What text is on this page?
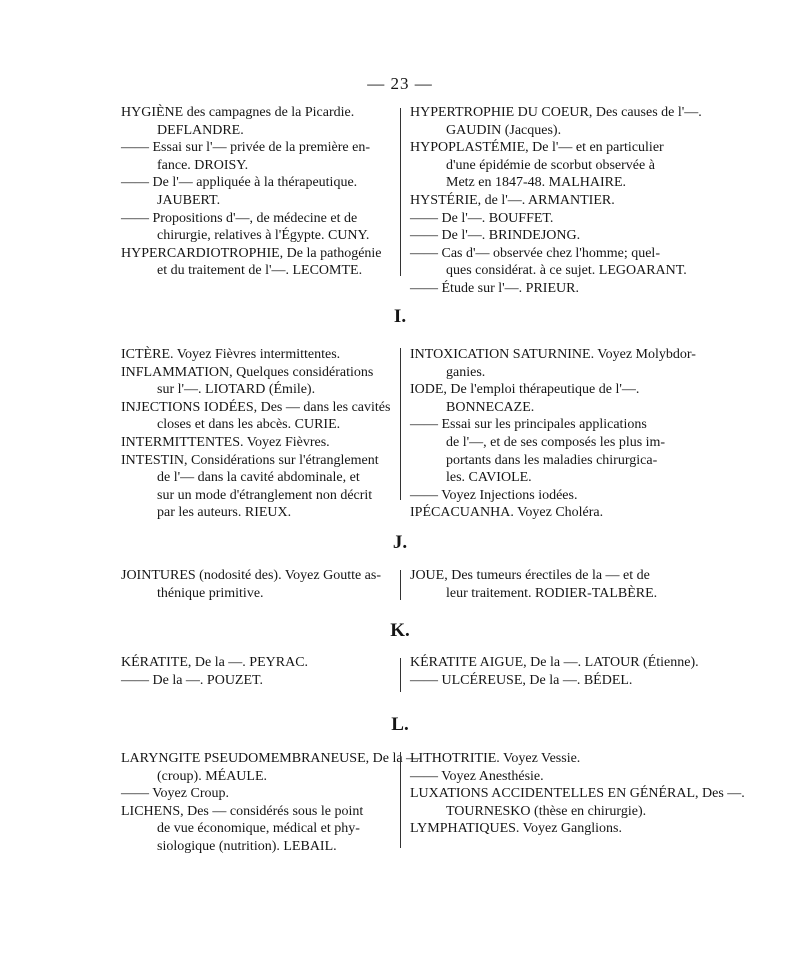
— 23 —
HYGIÈNE des campagnes de la Picardie.
DEFLANDRE.
—— Essai sur l'— privée de la première en-
fance. DROISY.
—— De l'— appliquée à la thérapeutique.
JAUBERT.
—— Propositions d'—, de médecine et de
chirurgie, relatives à l'Égypte. CUNY.
HYPERCARDIOTROPHIE, De la pathogénie
et du traitement de l'—. LECOMTE.
HYPERTROPHIE DU COEUR, Des causes de l'—.
GAUDIN (Jacques).
HYPOPLASTÉMIE, De l'— et en particulier
d'une épidémie de scorbut observée à
Metz en 1847-48. MALHAIRE.
HYSTÉRIE, de l'—. ARMANTIER.
—— De l'—. BOUFFET.
—— De l'—. BRINDEJONG.
—— Cas d'— observée chez l'homme; quel-
ques considérat. à ce sujet. LEGOARANT.
—— Étude sur l'—. PRIEUR.
I.
ICTÈRE. Voyez Fièvres intermittentes.
INFLAMMATION, Quelques considérations
sur l'—. LIOTARD (Émile).
INJECTIONS IODÉES, Des — dans les cavités
closes et dans les abcès. CURIE.
INTERMITTENTES. Voyez Fièvres.
INTESTIN, Considérations sur l'étranglement
de l'— dans la cavité abdominale, et
sur un mode d'étranglement non décrit
par les auteurs. RIEUX.
INTOXICATION SATURNINE. Voyez Molybdor-
ganies.
IODE, De l'emploi thérapeutique de l'—.
BONNECAZE.
—— Essai sur les principales applications
de l'—, et de ses composés les plus im-
portants dans les maladies chirurgica-
les. CAVIOLE.
—— Voyez Injections iodées.
IPÉCACUANHA. Voyez Choléra.
J.
JOINTURES (nodosité des). Voyez Goutte as-
thénique primitive.
JOUE, Des tumeurs érectiles de la — et de
leur traitement. RODIER-TALBÈRE.
K.
KÉRATITE, De la —. PEYRAC.
—— De la —. POUZET.
KÉRATITE AIGUE, De la —. LATOUR (Étienne).
—— ULCÉREUSE, De la —. BÉDEL.
L.
LARYNGITE PSEUDOMEMBRANEUSE, De la —
(croup). MÉAULE.
—— Voyez Croup.
LICHENS, Des — considérés sous le point
de vue économique, médical et phy-
siologique (nutrition). LEBAIL.
LITHOTRITIE. Voyez Vessie.
—— Voyez Anesthésie.
LUXATIONS ACCIDENTELLES EN GÉNÉRAL, Des —.
TOURNESKO (thèse en chirurgie).
LYMPHATIQUES. Voyez Ganglions.
